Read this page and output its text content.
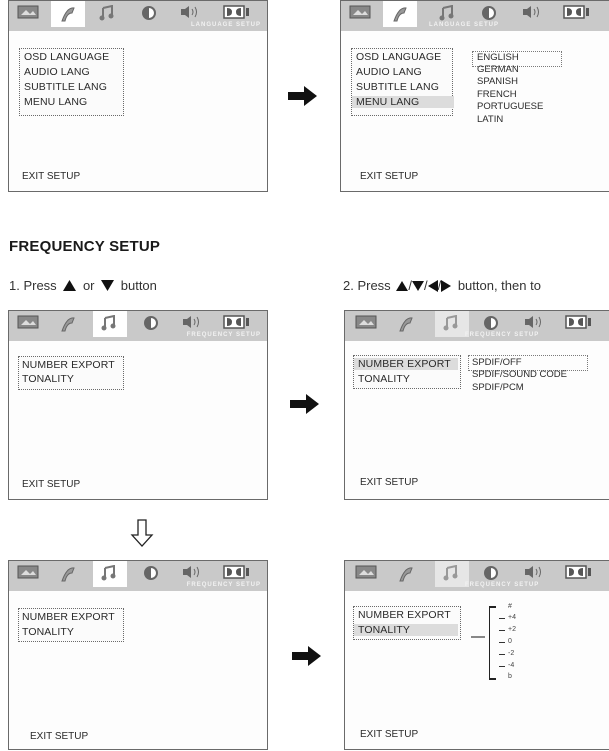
LANGUAGE SETUP
OSD LANGUAGE
AUDIO LANG
SUBTITLE LANG
MENU LANG
EXIT SETUP
LANGUAGE SETUP
OSD LANGUAGE
AUDIO LANG
SUBTITLE LANG
MENU LANG
ENGLISH
GERMAN
SPANISH
FRENCH
PORTUGUESE
LATIN
EXIT SETUP
FREQUENCY SETUP
1. Press or button	2. Press / / / button, then to
FREQUENCY SETUP
NUMBER EXPORT
TONALITY
EXIT SETUP
FREQUENCY SETUP
NUMBER EXPORT
TONALITY
SPDIF/OFF
SPDIF/SOUND CODE
SPDIF/PCM
EXIT SETUP
FREQUENCY SETUP
NUMBER EXPORT
TONALITY
EXIT SETUP
FREQUENCY SETUP
NUMBER EXPORT
TONALITY
#
+4
+2
0
-2
-4
b
EXIT SETUP
